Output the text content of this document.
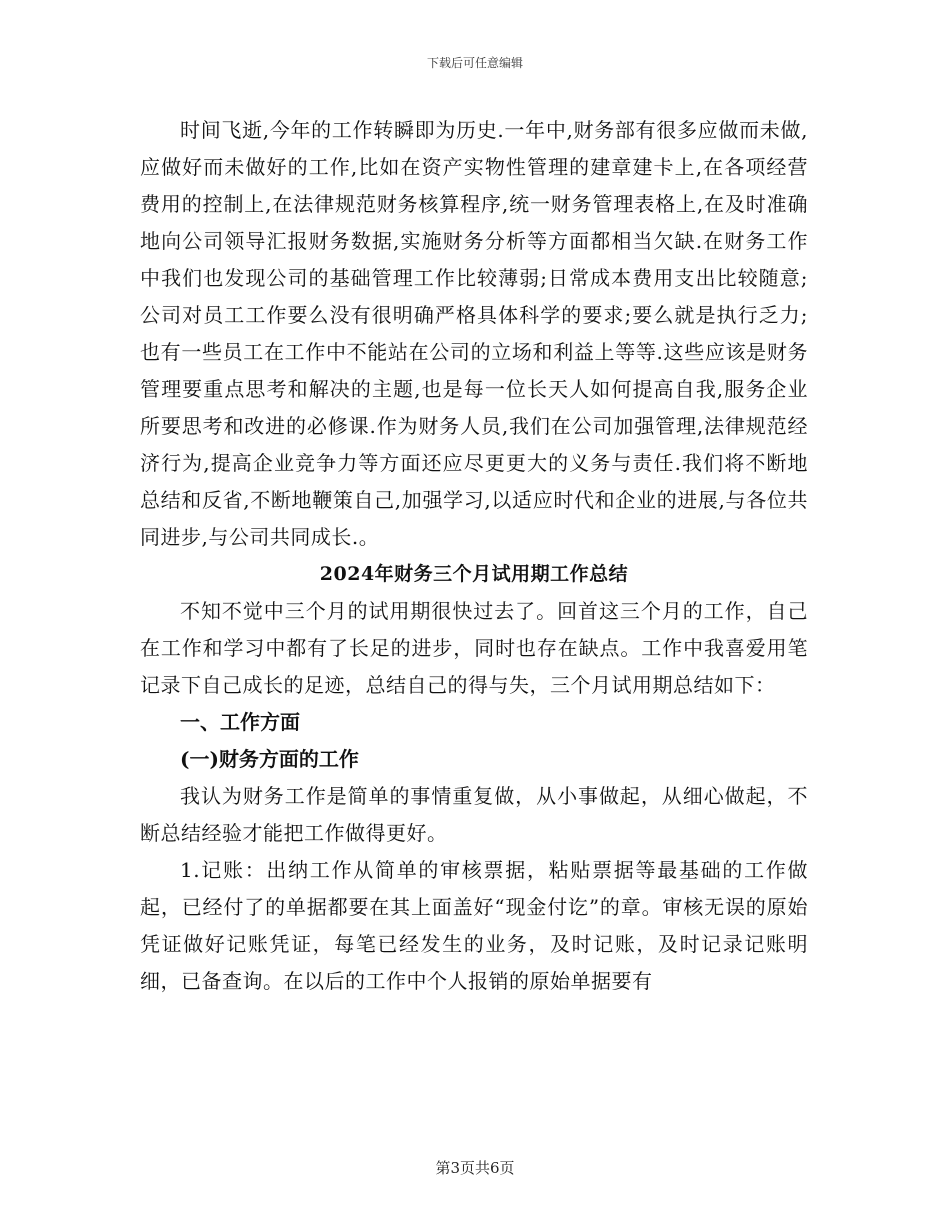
下载后可任意编辑

时间飞逝,今年的工作转瞬即为历史.一年中,财务部有很多应做而未做,应做好而未做好的工作,比如在资产实物性管理的建章建卡上,在各项经营费用的控制上,在法律规范财务核算程序,统一财务管理表格上,在及时准确地向公司领导汇报财务数据,实施财务分析等方面都相当欠缺.在财务工作中我们也发现公司的基础管理工作比较薄弱;日常成本费用支出比较随意;公司对员工工作要么没有很明确严格具体科学的要求;要么就是执行乏力;也有一些员工在工作中不能站在公司的立场和利益上等等.这些应该是财务管理要重点思考和解决的主题,也是每一位长天人如何提高自我,服务企业所要思考和改进的必修课.作为财务人员,我们在公司加强管理,法律规范经济行为,提高企业竞争力等方面还应尽更更大的义务与责任.我们将不断地总结和反省,不断地鞭策自己,加强学习,以适应时代和企业的进展,与各位共同进步,与公司共同成长.。

2024年财务三个月试用期工作总结

不知不觉中三个月的试用期很快过去了。回首这三个月的工作，自己在工作和学习中都有了长足的进步，同时也存在缺点。工作中我喜爱用笔记录下自己成长的足迹，总结自己的得与失，三个月试用期总结如下：

一、工作方面

(一)财务方面的工作

我认为财务工作是简单的事情重复做，从小事做起，从细心做起，不断总结经验才能把工作做得更好。

1.记账：出纳工作从简单的审核票据，粘贴票据等最基础的工作做起，已经付了的单据都要在其上面盖好“现金付讫”的章。审核无误的原始凭证做好记账凭证，每笔已经发生的业务，及时记账，及时记录记账明细，已备查询。在以后的工作中个人报销的原始单据要有

第3页共6页
